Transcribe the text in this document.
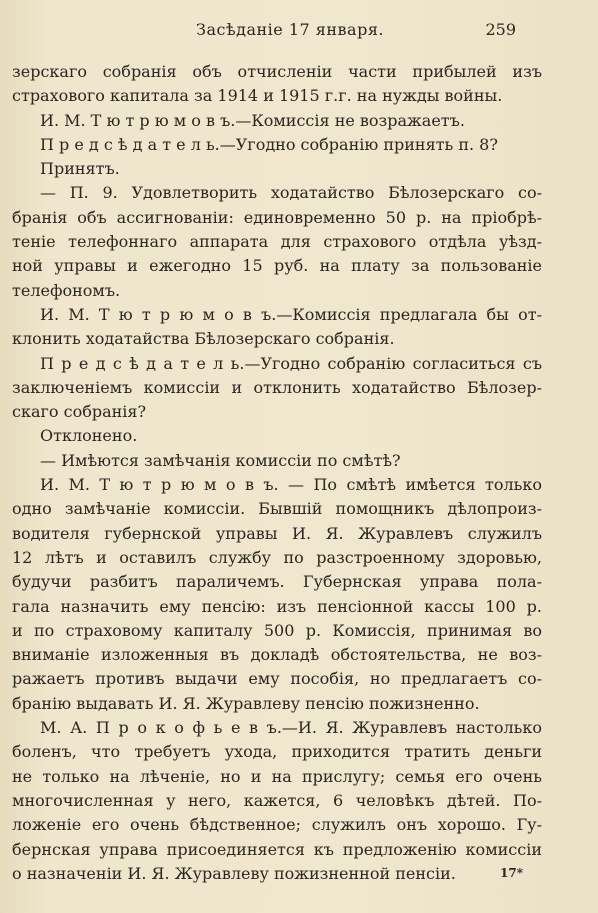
Засѣданіе 17 января.	259
зерскаго собранія объ отчисленіи части прибылей изъ
страхового капитала за 1914 и 1915 г.г. на нужды войны.
И. М. Т ю т р ю м о в ъ.—Комиссія не возражаетъ.
П р е д с ѣ д а т е л ь.—Угодно собранію принять п. 8?
Принятъ.
— П. 9. Удовлетворить ходатайство Бѣлозерскаго со-
бранія объ ассигнованіи: единовременно 50 р. на пріобрѣ-
теніе телефоннаго аппарата для страхового отдѣла уѣзд-
ной управы и ежегодно 15 руб. на плату за пользованіе
телефономъ.
И. М. Т ю т р ю м о в ъ.—Комиссія предлагала бы от-
клонить ходатайства Бѣлозерскаго собранія.
П р е д с ѣ д а т е л ь.—Угодно собранію согласиться съ
заключеніемъ комиссіи и отклонить ходатайство Бѣлозер-
скаго собранія?
Отклонено.
— Имѣются замѣчанія комиссіи по смѣтѣ?
И. М. Т ю т р ю м о в ъ. — По смѣтѣ имѣется только
одно замѣчаніе комиссіи. Бывшій помощникъ дѣлопроиз-
водителя губернской управы И. Я. Журавлевъ служилъ
12 лѣтъ и оставилъ службу по разстроенному здоровью,
будучи разбитъ параличемъ. Губернская управа пола-
гала назначить ему пенсію: изъ пенсіонной кассы 100 р.
и по страховому капиталу 500 р. Комиссія, принимая во
вниманіе изложенныя въ докладѣ обстоятельства, не воз-
ражаетъ противъ выдачи ему пособія, но предлагаетъ со-
бранію выдавать И. Я. Журавлеву пенсію пожизненно.
М. А. П р о к о ф ь е в ъ.—И. Я. Журавлевъ настолько
боленъ, что требуетъ ухода, приходится тратить деньги
не только на лѣченіе, но и на прислугу; семья его очень
многочисленная у него, кажется, 6 человѣкъ дѣтей. По-
ложеніе его очень бѣдственное; служилъ онъ хорошо. Гу-
бернская управа присоединяется къ предложенію комиссіи
о назначеніи И. Я. Журавлеву пожизненной пенсіи.	17*
